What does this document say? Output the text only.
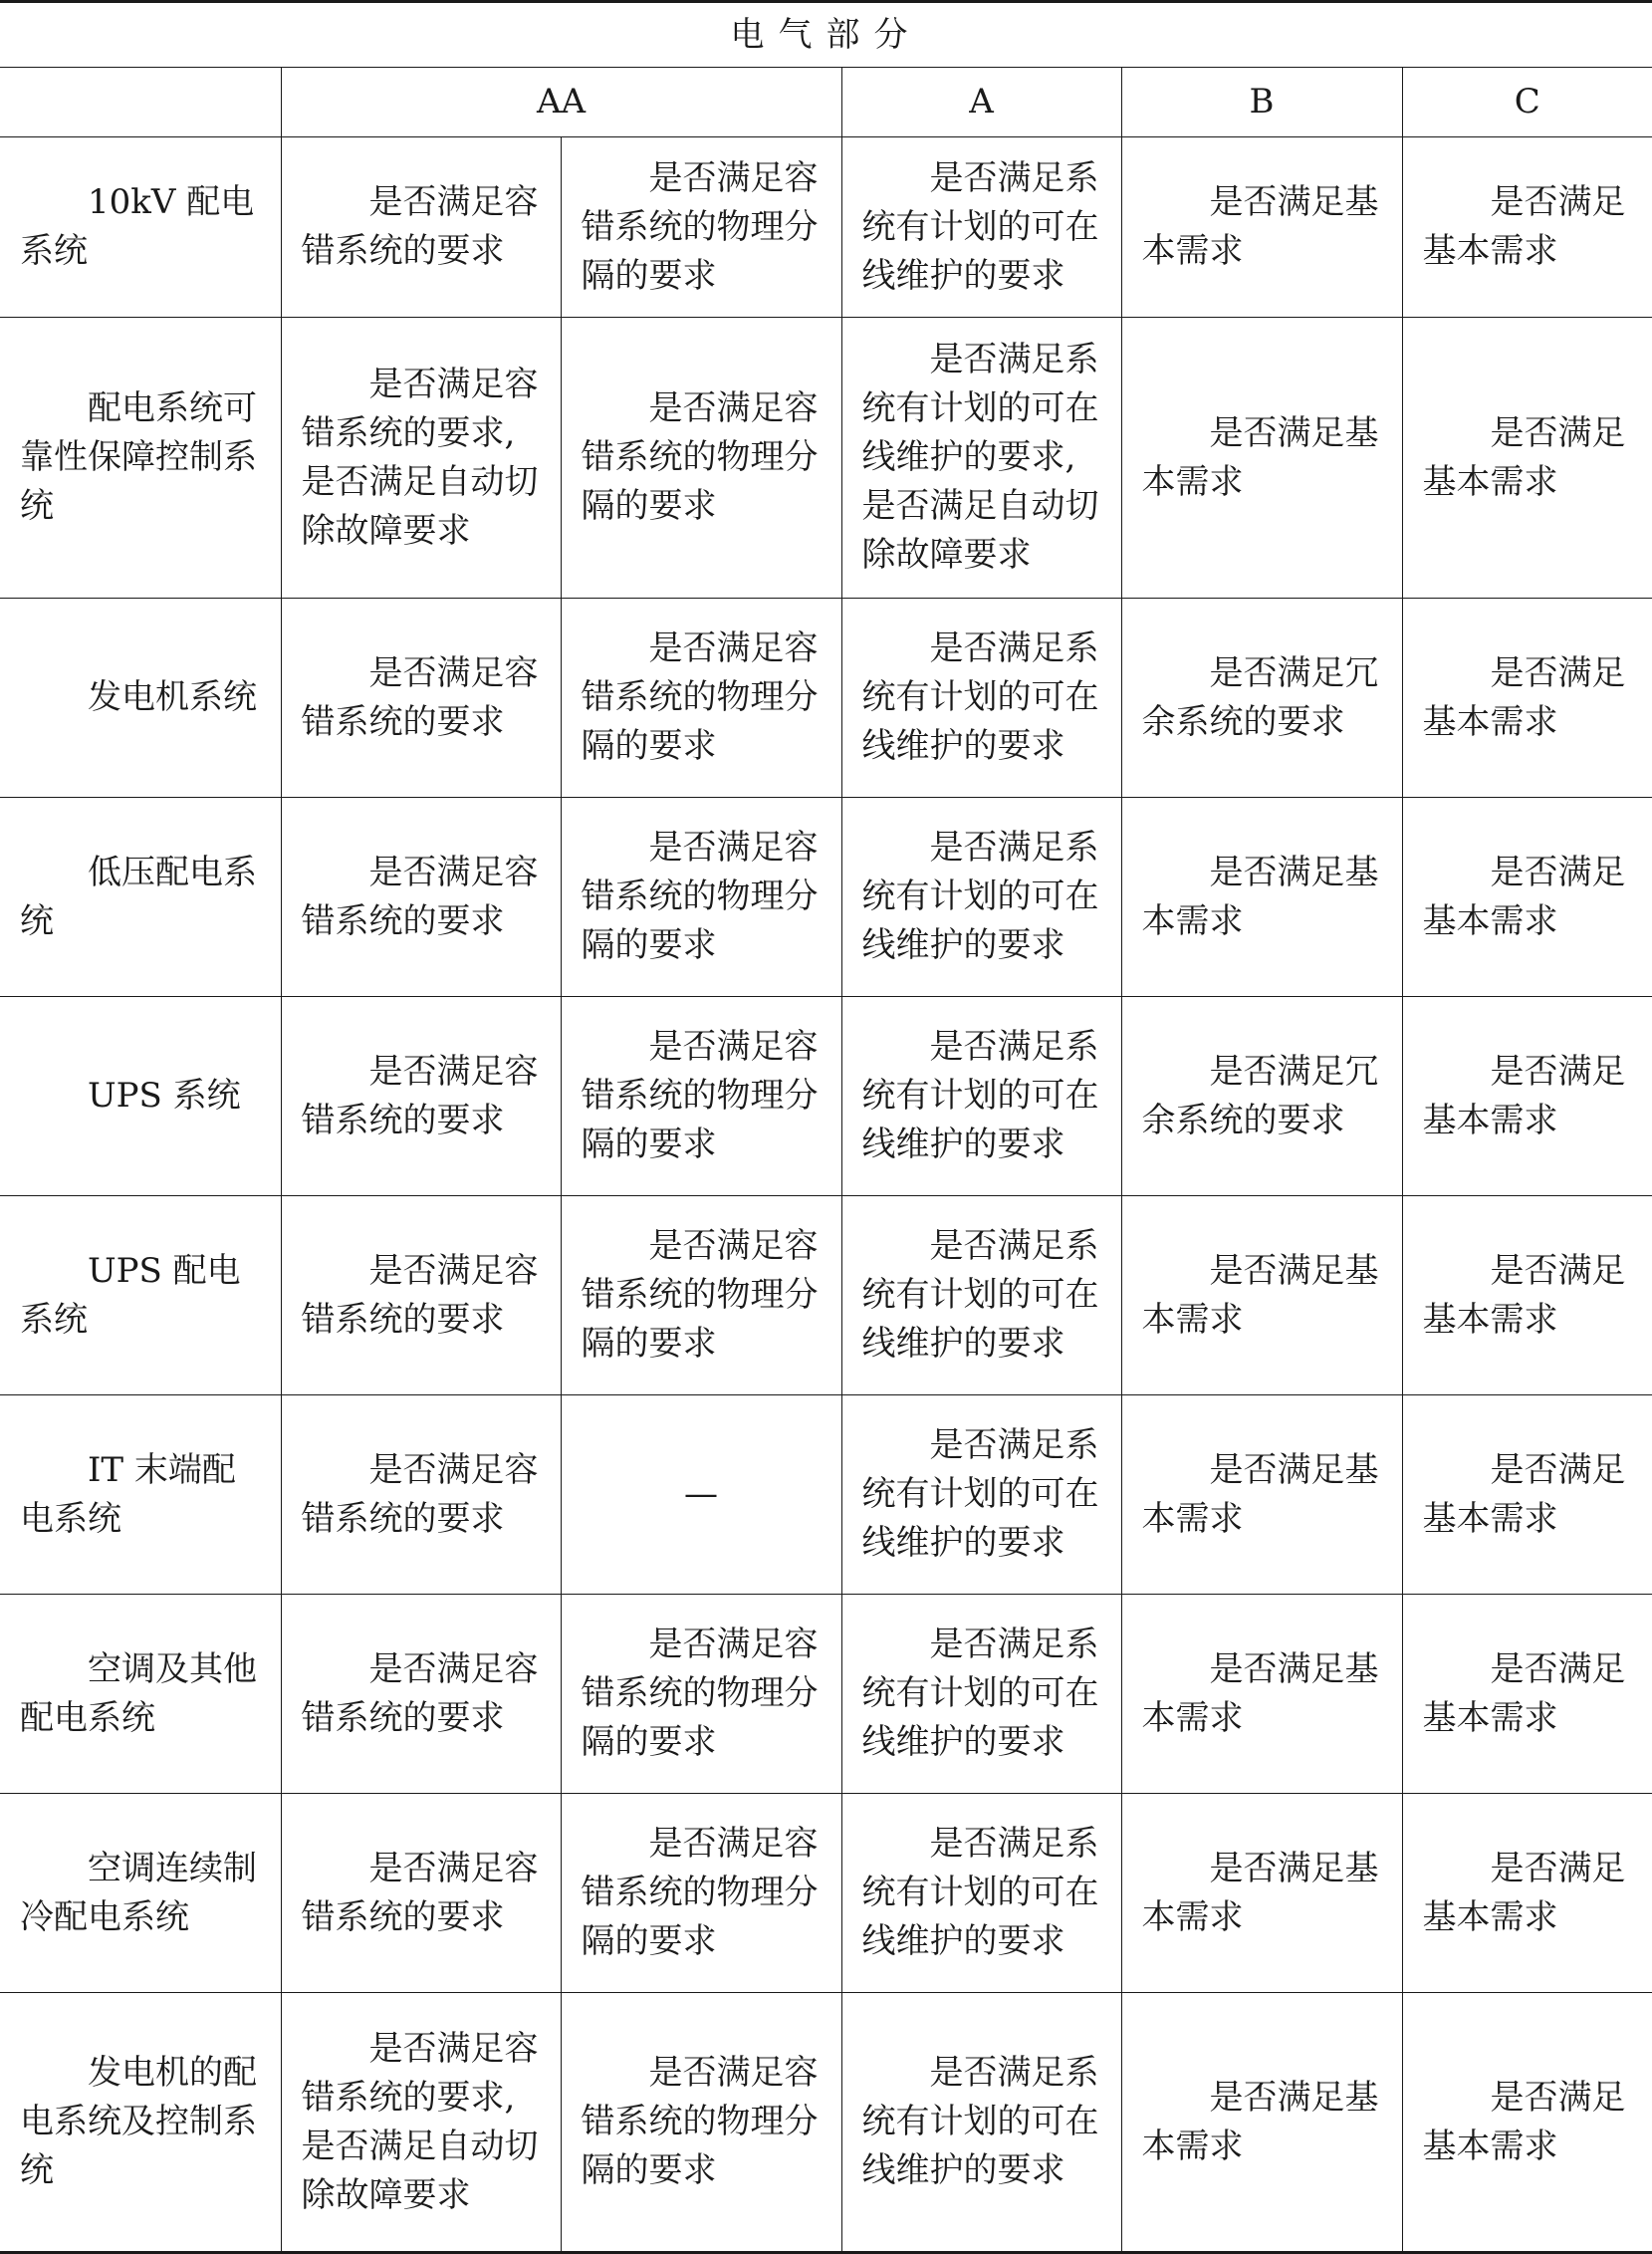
电气部分					
	AA		A	B	C
10kV 配电系统	是否满足容错系统的要求	是否满足容错系统的物理分隔的要求	是否满足系统有计划的可在线维护的要求	是否满足基本需求	是否满足基本需求
配电系统可靠性保障控制系统	是否满足容错系统的要求,是否满足自动切除故障要求	是否满足容错系统的物理分隔的要求	是否满足系统有计划的可在线维护的要求,是否满足自动切除故障要求	是否满足基本需求	是否满足基本需求
发电机系统	是否满足容错系统的要求	是否满足容错系统的物理分隔的要求	是否满足系统有计划的可在线维护的要求	是否满足冗余系统的要求	是否满足基本需求
低压配电系统	是否满足容错系统的要求	是否满足容错系统的物理分隔的要求	是否满足系统有计划的可在线维护的要求	是否满足基本需求	是否满足基本需求
UPS 系统	是否满足容错系统的要求	是否满足容错系统的物理分隔的要求	是否满足系统有计划的可在线维护的要求	是否满足冗余系统的要求	是否满足基本需求
UPS 配电系统	是否满足容错系统的要求	是否满足容错系统的物理分隔的要求	是否满足系统有计划的可在线维护的要求	是否满足基本需求	是否满足基本需求
IT 末端配电系统	是否满足容错系统的要求	—	是否满足系统有计划的可在线维护的要求	是否满足基本需求	是否满足基本需求
空调及其他配电系统	是否满足容错系统的要求	是否满足容错系统的物理分隔的要求	是否满足系统有计划的可在线维护的要求	是否满足基本需求	是否满足基本需求
空调连续制冷配电系统	是否满足容错系统的要求	是否满足容错系统的物理分隔的要求	是否满足系统有计划的可在线维护的要求	是否满足基本需求	是否满足基本需求
发电机的配电系统及控制系统	是否满足容错系统的要求,是否满足自动切除故障要求	是否满足容错系统的物理分隔的要求	是否满足系统有计划的可在线维护的要求	是否满足基本需求	是否满足基本需求
